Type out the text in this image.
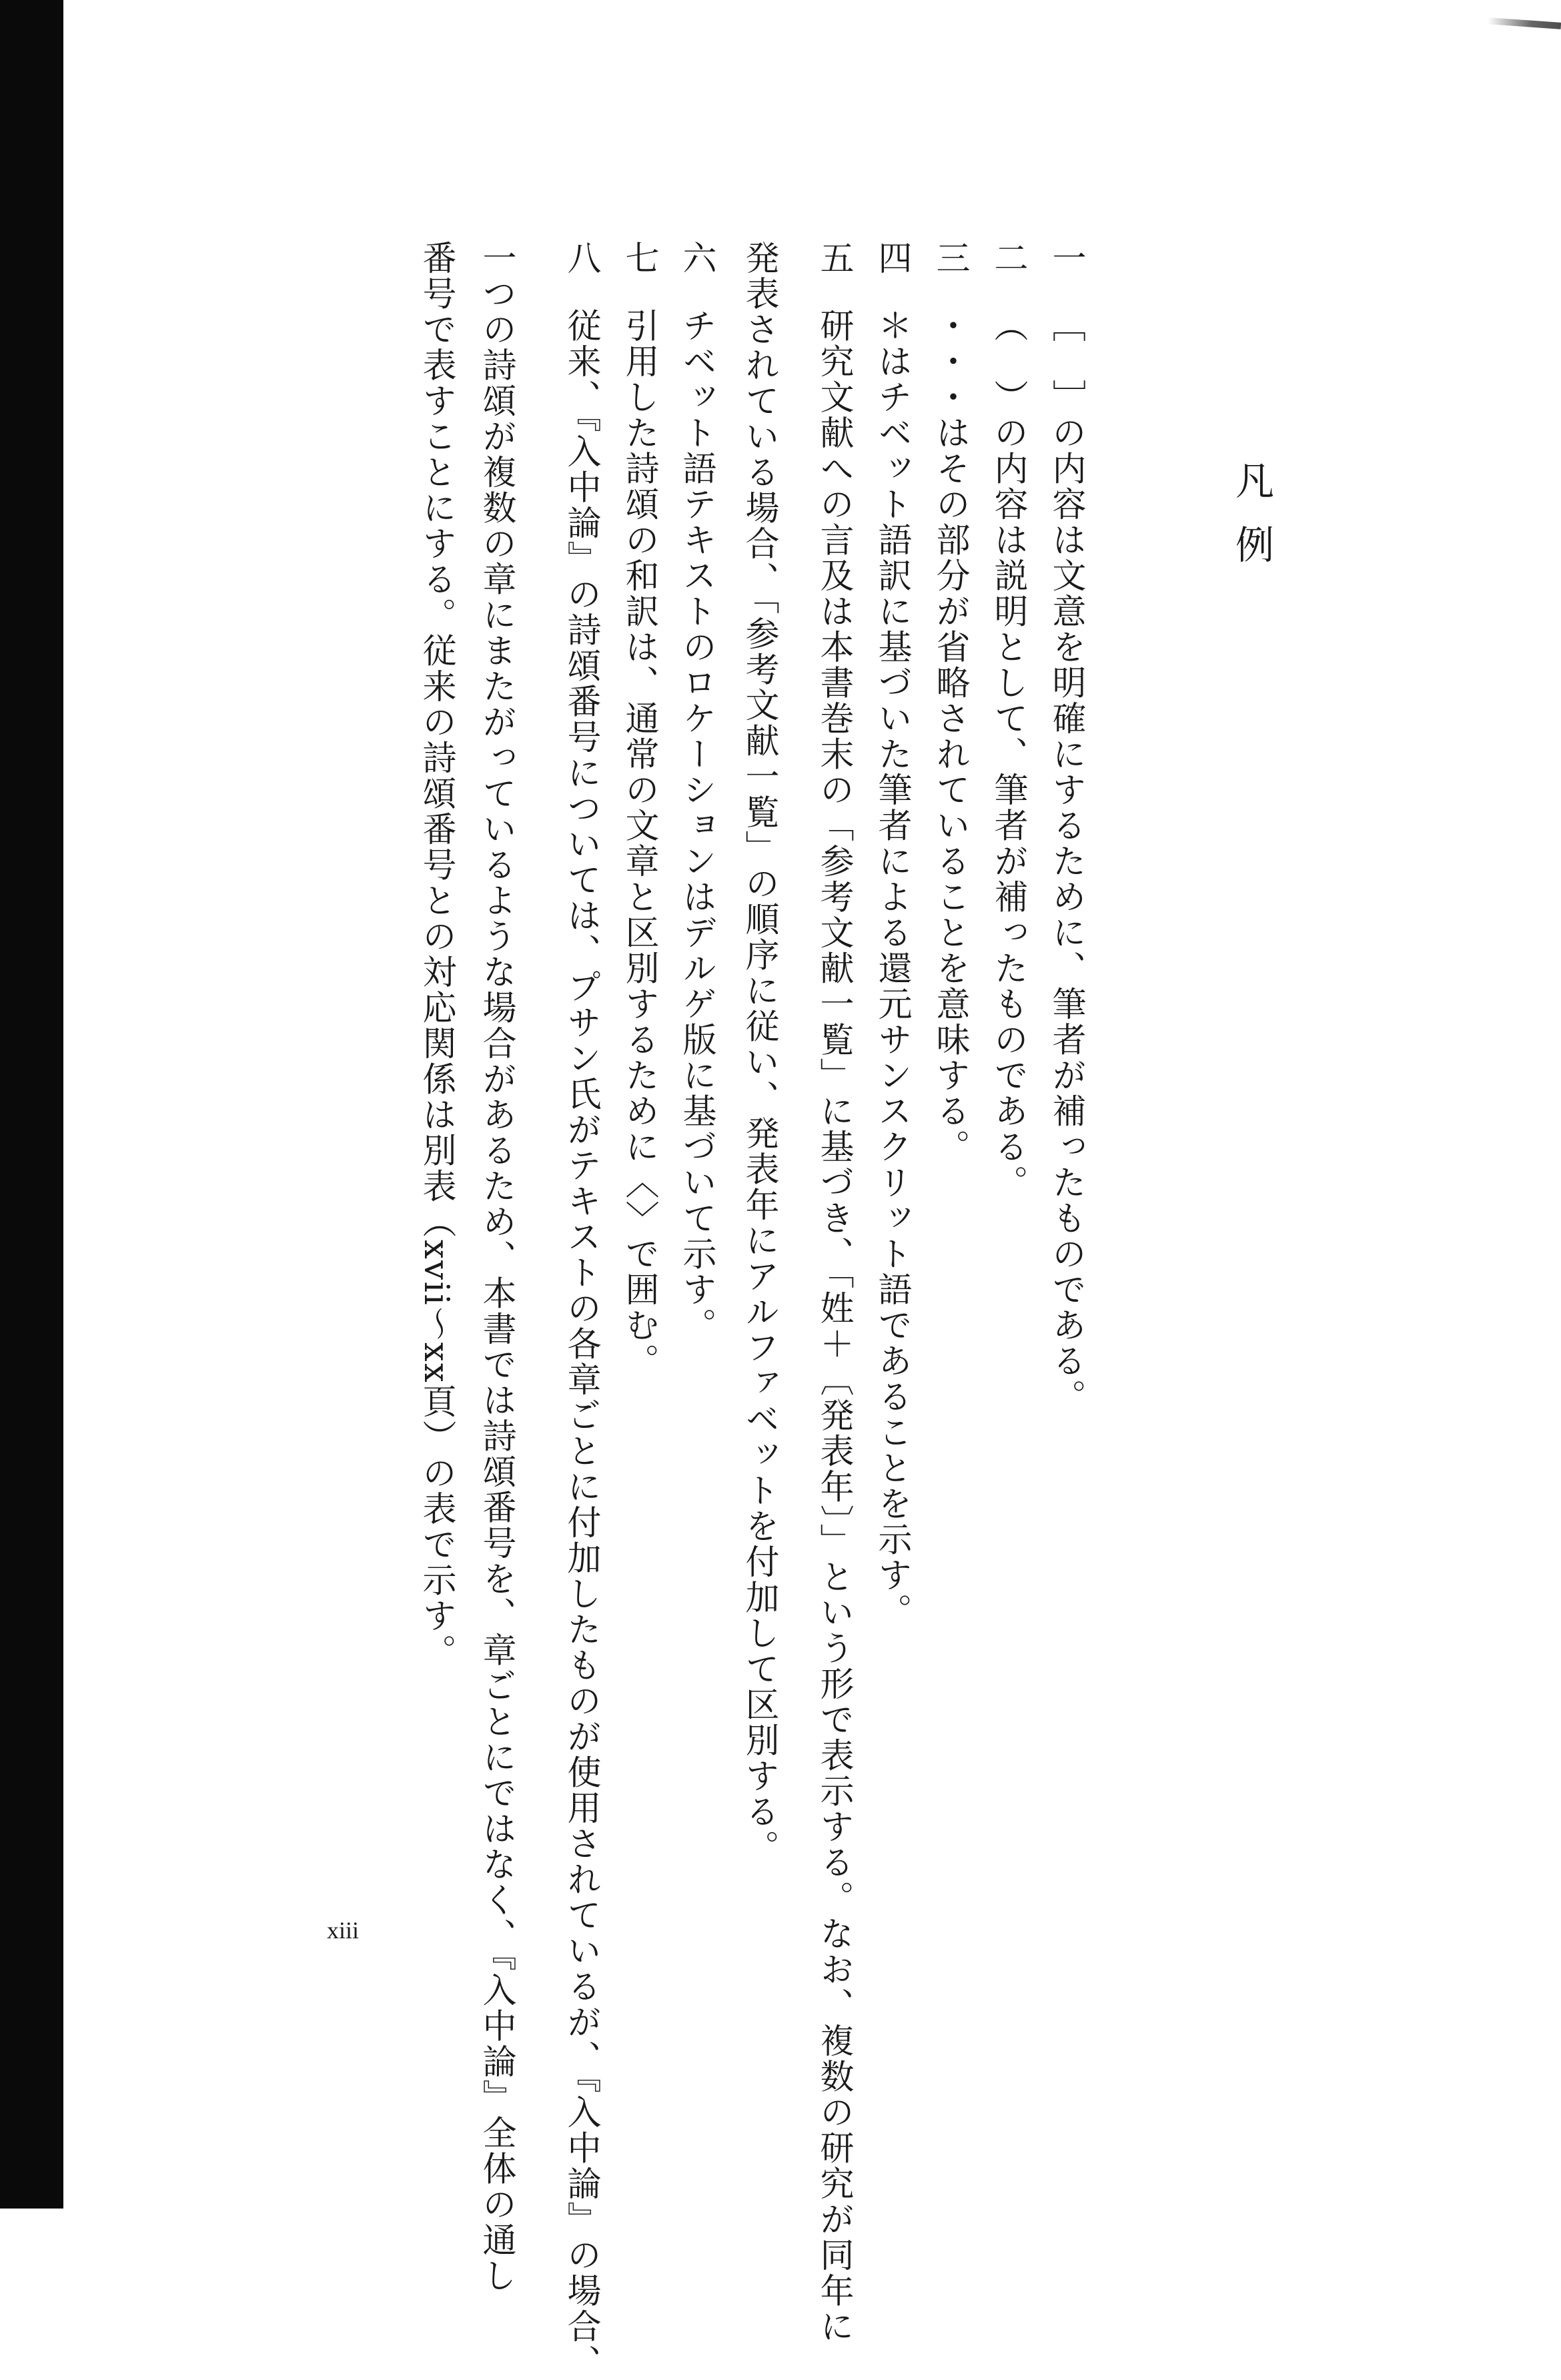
凡例
一［　］の内容は文意を明確にするために、筆者が補ったものである。
二（　）の内容は説明として、筆者が補ったものである。
三・・・はその部分が省略されていることを意味する。
四＊はチベット語訳に基づいた筆者による還元サンスクリット語であることを示す。
五研究文献への言及は本書巻末の「参考文献一覧」に基づき、「姓＋〔発表年〕」という形で表示する。なお、複数の研究が同年に
発表されている場合、「参考文献一覧」の順序に従い、発表年にアルファベットを付加して区別する。
六チベット語テキストのロケーションはデルゲ版に基づいて示す。
七引用した詩頌の和訳は、通常の文章と区別するために〈〉で囲む。
八従来、『入中論』の詩頌番号については、プサン氏がテキストの各章ごとに付加したものが使用されているが、『入中論』の場合、
一つの詩頌が複数の章にまたがっているような場合があるため、本書では詩頌番号を、章ごとにではなく、『入中論』全体の通し
番号で表すことにする。従来の詩頌番号との対応関係は別表（xvii～xx頁）の表で示す。
xiii
